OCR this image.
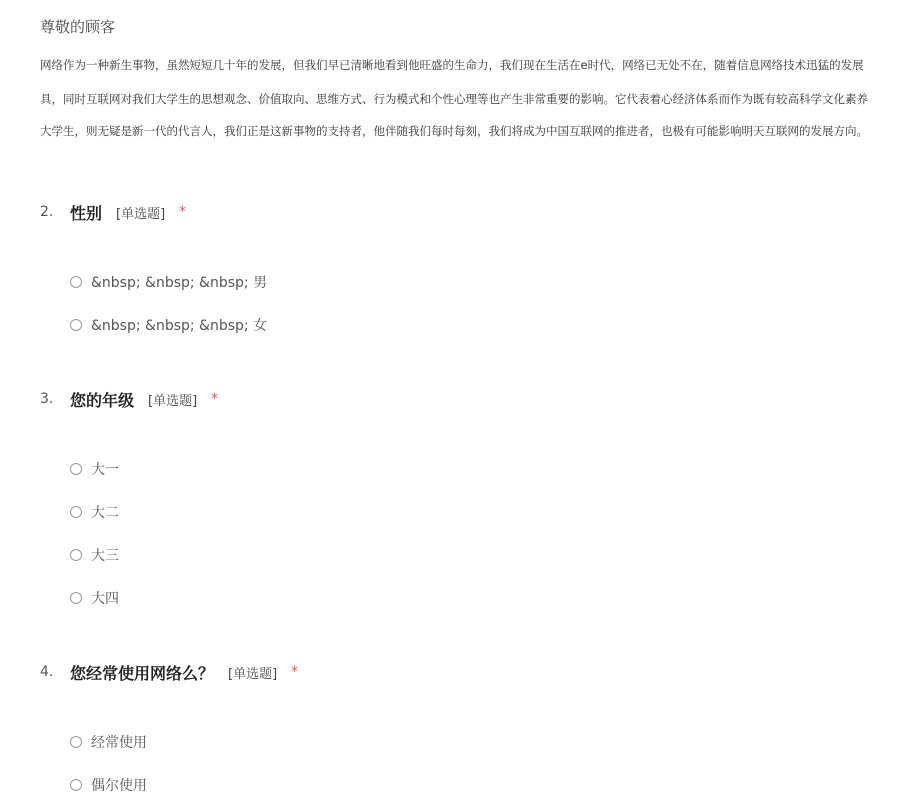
尊敬的顾客
网络作为一种新生事物，虽然短短几十年的发展，但我们早已清晰地看到他旺盛的生命力，我们现在生活在e时代，网络已无处不在，随着信息网络技术迅猛的发展
具，同时互联网对我们大学生的思想观念、价值取向、思维方式、行为模式和个性心理等也产生非常重要的影响。它代表着心经济体系而作为既有较高科学文化素养
大学生，则无疑是新一代的代言人，我们正是这新事物的支持者，他伴随我们每时每刻，我们将成为中国互联网的推进者，也极有可能影响明天互联网的发展方向。
2.	性别 [单选题] *
&nbsp; &nbsp; &nbsp; 男
&nbsp; &nbsp; &nbsp; 女
3.	您的年级 [单选题] *
大一
大二
大三
大四
4.	您经常使用网络么？ [单选题] *
经常使用
偶尔使用
